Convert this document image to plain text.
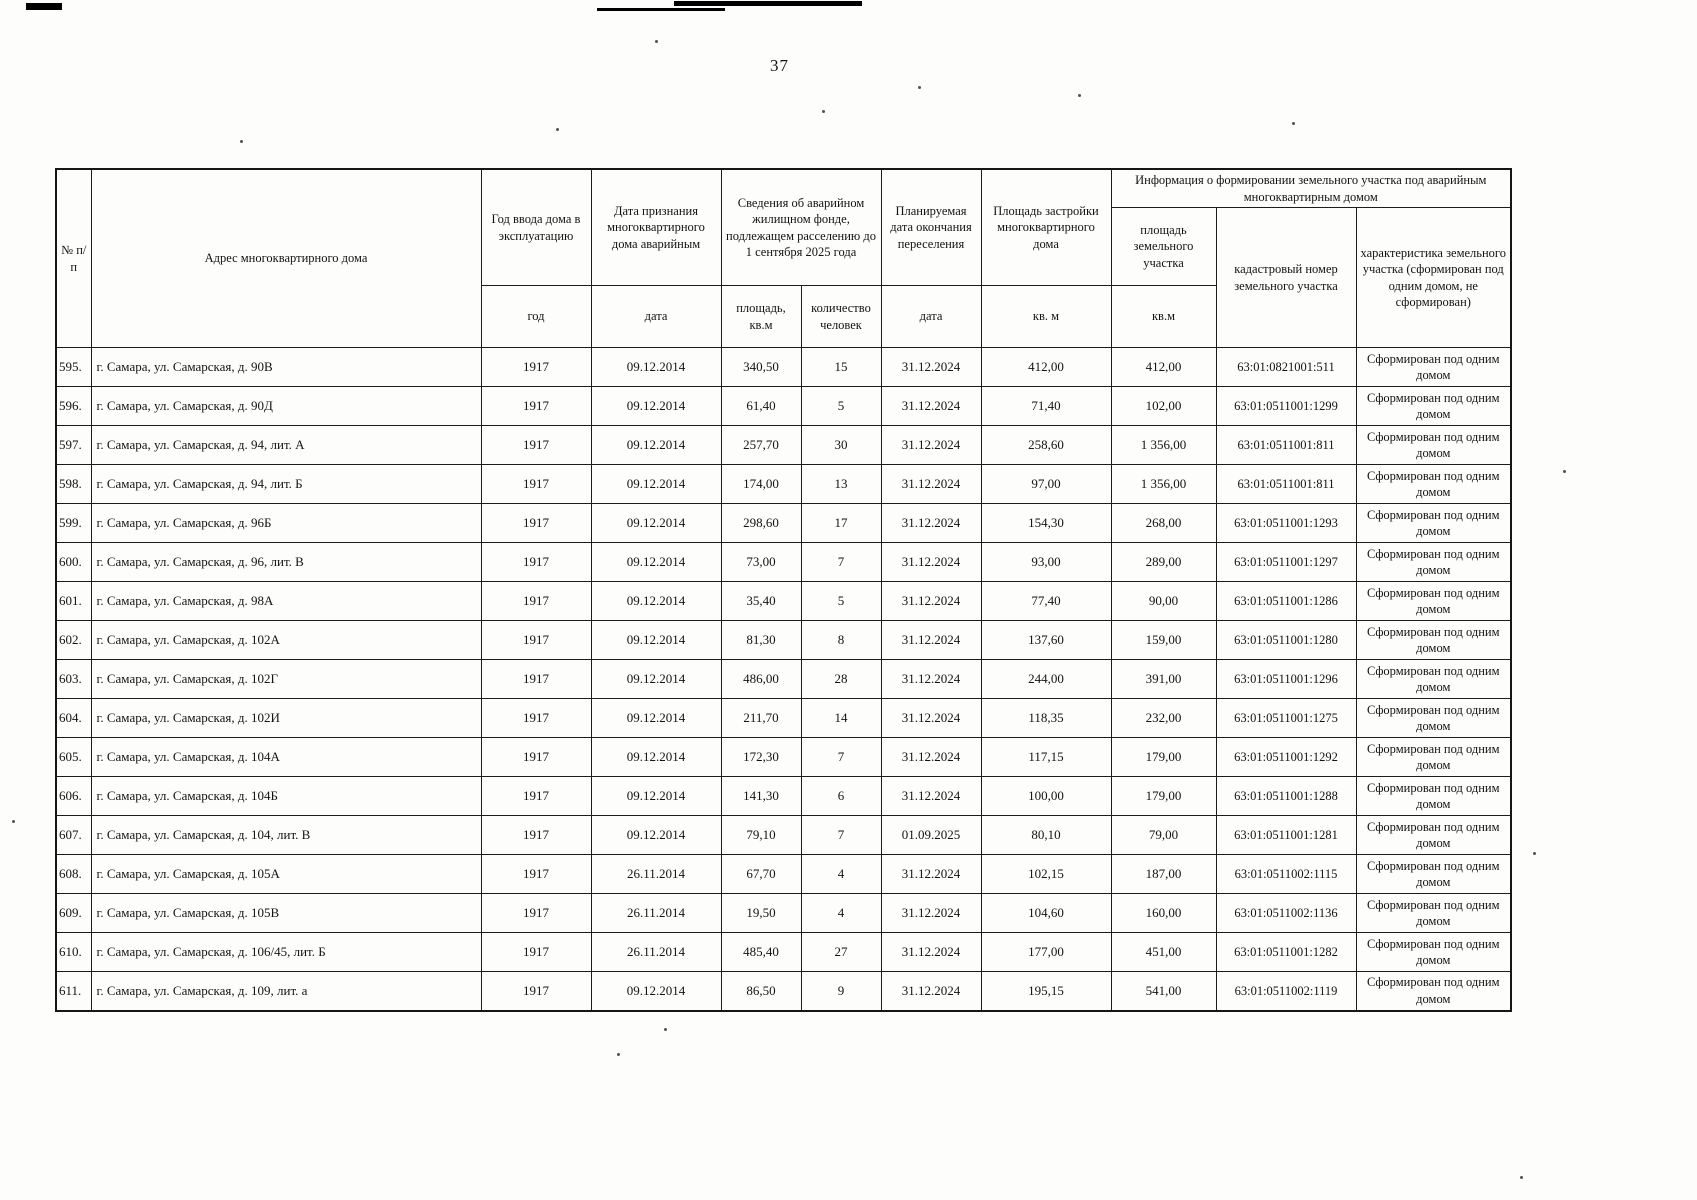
37
№ п/п	Адрес многоквартирного дома	Год ввода дома в эксплуатацию	Дата признания многоквартирного дома аварийным	Сведения об аварийном жилищном фонде, подлежащем расселению до 1 сентября 2025 года		Планируемая дата окончания переселения	Площадь застройки многоквартирного дома	Информация о формировании земельного участка под аварийным многоквартирным домом		
								площадь земельного участка	кадастровый номер земельного участка	характеристика земельного участка (сформирован под одним домом, не сформирован)
		год	дата	площадь, кв.м	количество человек	дата	кв. м	кв.м		
595.	г. Самара, ул. Самарская, д. 90В	1917	09.12.2014	340,50	15	31.12.2024	412,00	412,00	63:01:0821001:511	Сформирован под одним домом
596.	г. Самара, ул. Самарская, д. 90Д	1917	09.12.2014	61,40	5	31.12.2024	71,40	102,00	63:01:0511001:1299	Сформирован под одним домом
597.	г. Самара, ул. Самарская, д. 94, лит. А	1917	09.12.2014	257,70	30	31.12.2024	258,60	1 356,00	63:01:0511001:811	Сформирован под одним домом
598.	г. Самара, ул. Самарская, д. 94, лит. Б	1917	09.12.2014	174,00	13	31.12.2024	97,00	1 356,00	63:01:0511001:811	Сформирован под одним домом
599.	г. Самара, ул. Самарская, д. 96Б	1917	09.12.2014	298,60	17	31.12.2024	154,30	268,00	63:01:0511001:1293	Сформирован под одним домом
600.	г. Самара, ул. Самарская, д. 96, лит. В	1917	09.12.2014	73,00	7	31.12.2024	93,00	289,00	63:01:0511001:1297	Сформирован под одним домом
601.	г. Самара, ул. Самарская, д. 98А	1917	09.12.2014	35,40	5	31.12.2024	77,40	90,00	63:01:0511001:1286	Сформирован под одним домом
602.	г. Самара, ул. Самарская, д. 102А	1917	09.12.2014	81,30	8	31.12.2024	137,60	159,00	63:01:0511001:1280	Сформирован под одним домом
603.	г. Самара, ул. Самарская, д. 102Г	1917	09.12.2014	486,00	28	31.12.2024	244,00	391,00	63:01:0511001:1296	Сформирован под одним домом
604.	г. Самара, ул. Самарская, д. 102И	1917	09.12.2014	211,70	14	31.12.2024	118,35	232,00	63:01:0511001:1275	Сформирован под одним домом
605.	г. Самара, ул. Самарская, д. 104А	1917	09.12.2014	172,30	7	31.12.2024	117,15	179,00	63:01:0511001:1292	Сформирован под одним домом
606.	г. Самара, ул. Самарская, д. 104Б	1917	09.12.2014	141,30	6	31.12.2024	100,00	179,00	63:01:0511001:1288	Сформирован под одним домом
607.	г. Самара, ул. Самарская, д. 104, лит. В	1917	09.12.2014	79,10	7	01.09.2025	80,10	79,00	63:01:0511001:1281	Сформирован под одним домом
608.	г. Самара, ул. Самарская, д. 105А	1917	26.11.2014	67,70	4	31.12.2024	102,15	187,00	63:01:0511002:1115	Сформирован под одним домом
609.	г. Самара, ул. Самарская, д. 105В	1917	26.11.2014	19,50	4	31.12.2024	104,60	160,00	63:01:0511002:1136	Сформирован под одним домом
610.	г. Самара, ул. Самарская, д. 106/45, лит. Б	1917	26.11.2014	485,40	27	31.12.2024	177,00	451,00	63:01:0511001:1282	Сформирован под одним домом
611.	г. Самара, ул. Самарская, д. 109, лит. а	1917	09.12.2014	86,50	9	31.12.2024	195,15	541,00	63:01:0511002:1119	Сформирован под одним домом
